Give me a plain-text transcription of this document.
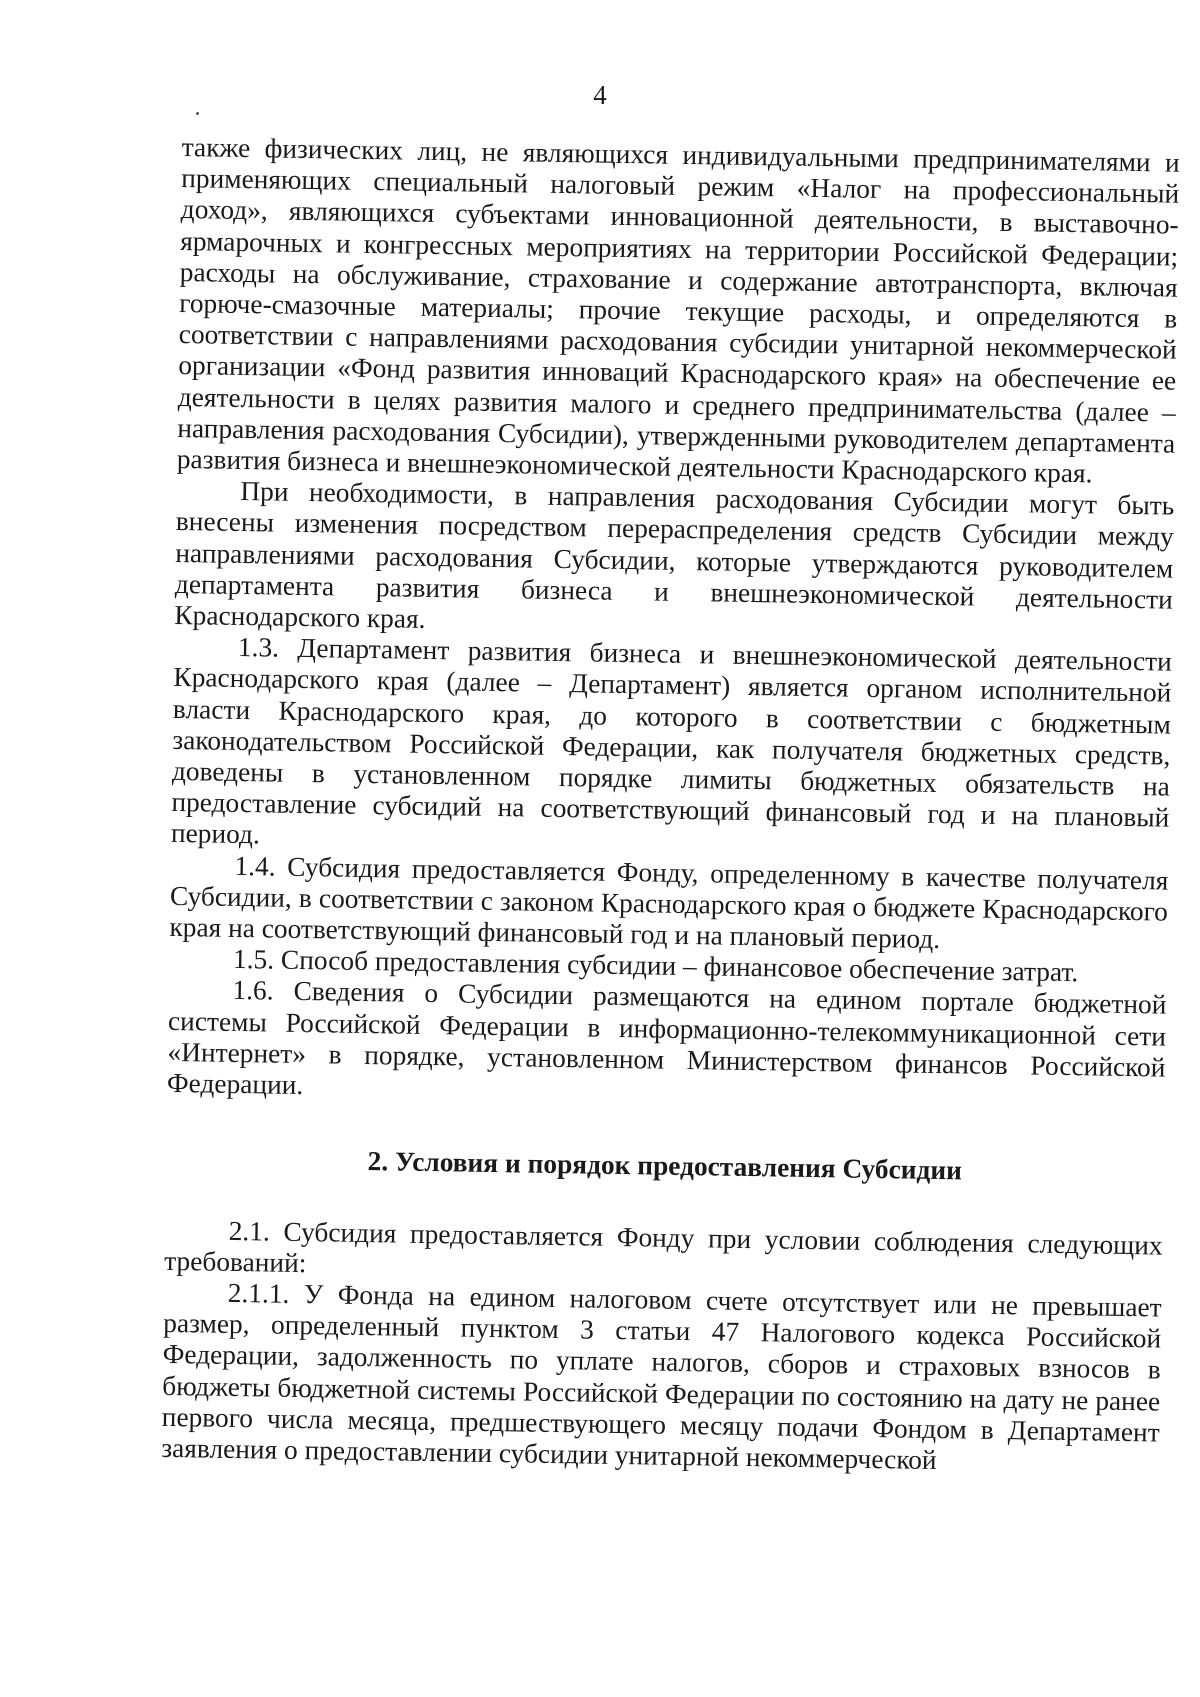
4

также физических лиц, не являющихся индивидуальными предпринимателями и применяющих специальный налоговый режим «Налог на профессиональный доход», являющихся субъектами инновационной деятельности, в выставочно-ярмарочных и конгрессных мероприятиях на территории Российской Федерации; расходы на обслуживание, страхование и содержание автотранспорта, включая горюче-смазочные материалы; прочие текущие расходы, и определяются в соответствии с направлениями расходования субсидии унитарной некоммерческой организации «Фонд развития инноваций Краснодарского края» на обеспечение ее деятельности в целях развития малого и среднего предпринимательства (далее – направления расходования Субсидии), утвержденными руководителем департамента развития бизнеса и внешнеэкономической деятельности Краснодарского края.

При необходимости, в направления расходования Субсидии могут быть внесены изменения посредством перераспределения средств Субсидии между направлениями расходования Субсидии, которые утверждаются руководителем департамента развития бизнеса и внешнеэкономической деятельности Краснодарского края.

1.3. Департамент развития бизнеса и внешнеэкономической деятельности Краснодарского края (далее – Департамент) является органом исполнительной власти Краснодарского края, до которого в соответствии с бюджетным законодательством Российской Федерации, как получателя бюджетных средств, доведены в установленном порядке лимиты бюджетных обязательств на предоставление субсидий на соответствующий финансовый год и на плановый период.

1.4. Субсидия предоставляется Фонду, определенному в качестве получателя Субсидии, в соответствии с законом Краснодарского края о бюджете Краснодарского края на соответствующий финансовый год и на плановый период.

1.5. Способ предоставления субсидии – финансовое обеспечение затрат.

1.6. Сведения о Субсидии размещаются на едином портале бюджетной системы Российской Федерации в информационно-телекоммуникационной сети «Интернет» в порядке, установленном Министерством финансов Российской Федерации.

2. Условия и порядок предоставления Субсидии

2.1. Субсидия предоставляется Фонду при условии соблюдения следующих требований:

2.1.1. У Фонда на едином налоговом счете отсутствует или не превышает размер, определенный пунктом 3 статьи 47 Налогового кодекса Российской Федерации, задолженность по уплате налогов, сборов и страховых взносов в бюджеты бюджетной системы Российской Федерации по состоянию на дату не ранее первого числа месяца, предшествующего месяцу подачи Фондом в Департамент заявления о предоставлении субсидии унитарной некоммерческой
